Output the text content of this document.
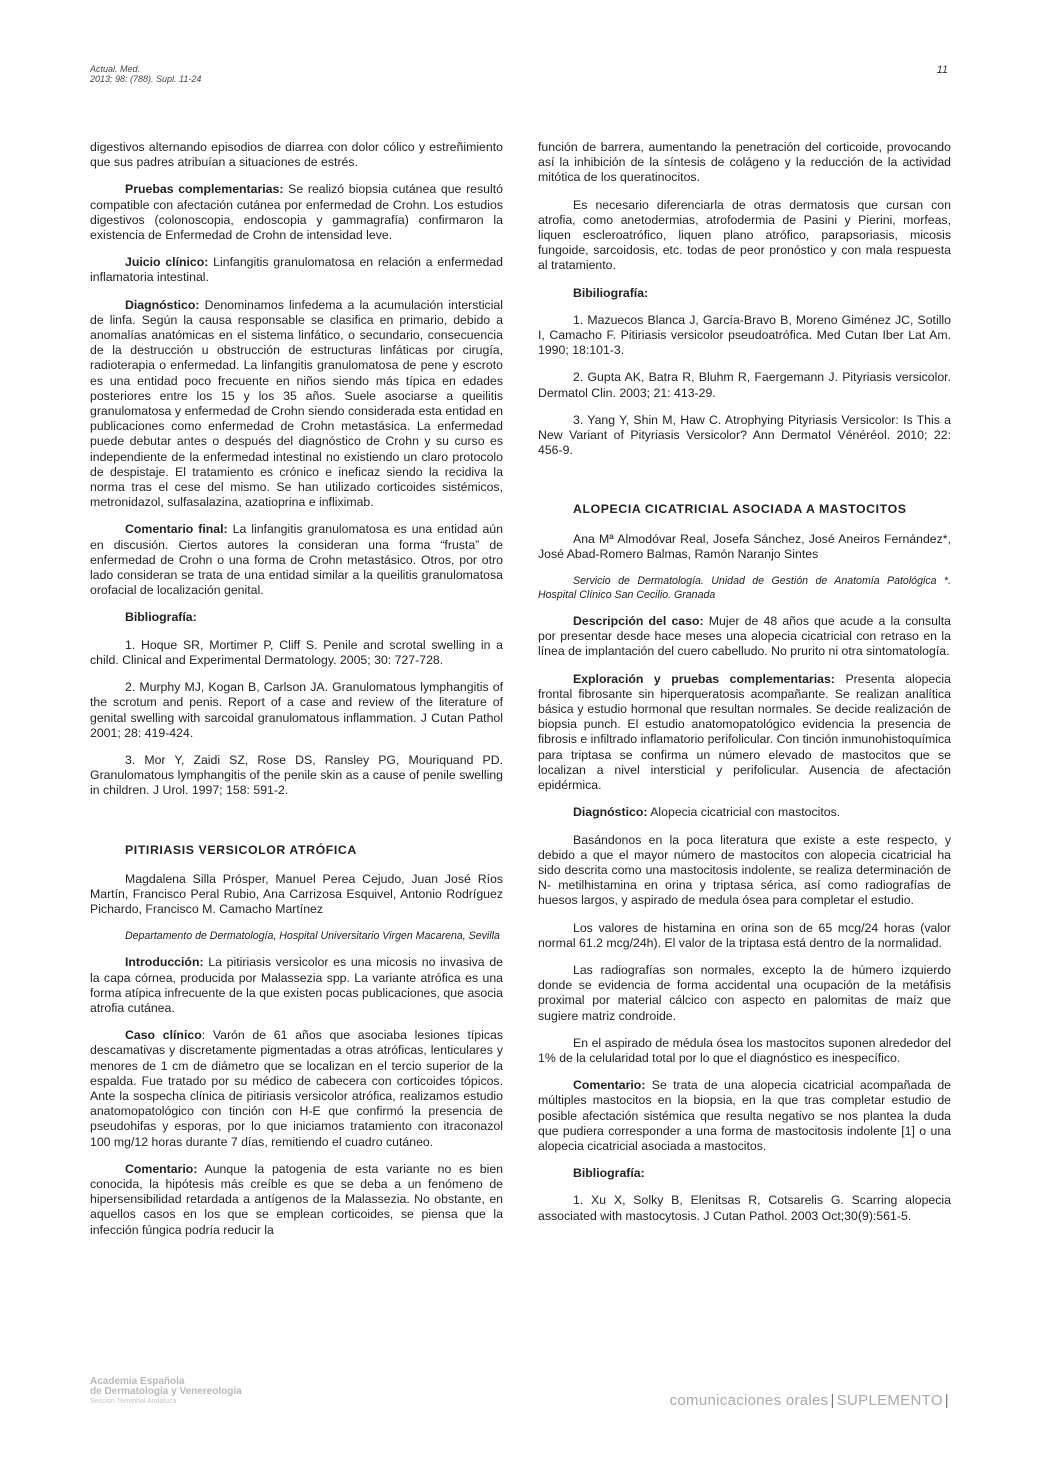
Actual. Med.
2013; 98: (788). Supl. 11-24
11

digestivos alternando episodios de diarrea con dolor cólico y estreñimiento que sus padres atribuían a situaciones de estrés.

Pruebas complementarias: Se realizó biopsia cutánea que resultó compatible con afectación cutánea por enfermedad de Crohn. Los estudios digestivos (colonoscopia, endoscopia y gammagrafía) confirmaron la existencia de Enfermedad de Crohn de intensidad leve.

Juicio clínico: Linfangitis granulomatosa en relación a enfermedad inflamatoria intestinal.

Diagnóstico: Denominamos linfedema a la acumulación intersticial de linfa. Según la causa responsable se clasifica en primario, debido a anomalías anatómicas en el sistema linfático, o secundario, consecuencia de la destrucción u obstrucción de estructuras linfáticas por cirugía, radioterapia o enfermedad. La linfangitis granulomatosa de pene y escroto es una entidad poco frecuente en niños siendo más típica en edades posteriores entre los 15 y los 35 años. Suele asociarse a queilitis granulomatosa y enfermedad de Crohn siendo considerada esta entidad en publicaciones como enfermedad de Crohn metastásica. La enfermedad puede debutar antes o después del diagnóstico de Crohn y su curso es independiente de la enfermedad intestinal no existiendo un claro protocolo de despistaje. El tratamiento es crónico e ineficaz siendo la recidiva la norma tras el cese del mismo. Se han utilizado corticoides sistémicos, metronidazol, sulfasalazina, azatioprina e infliximab.

Comentario final: La linfangitis granulomatosa es una entidad aún en discusión. Ciertos autores la consideran una forma “frusta” de enfermedad de Crohn o una forma de Crohn metastásico. Otros, por otro lado consideran se trata de una entidad similar a la queilitis granulomatosa orofacial de localización genital.

Bibliografía:

1. Hoque SR, Mortimer P, Cliff S. Penile and scrotal swelling in a child. Clinical and Experimental Dermatology. 2005; 30: 727-728.

2. Murphy MJ, Kogan B, Carlson JA. Granulomatous lymphangitis of the scrotum and penis. Report of a case and review of the literature of genital swelling with sarcoidal granulomatous inflammation. J Cutan Pathol 2001; 28: 419-424.

3. Mor Y, Zaidi SZ, Rose DS, Ransley PG, Mouriquand PD. Granulomatous lymphangitis of the penile skin as a cause of penile swelling in children. J Urol. 1997; 158: 591-2.

PITIRIASIS VERSICOLOR ATRÓFICA

Magdalena Silla Prósper, Manuel Perea Cejudo, Juan José Ríos Martín, Francisco Peral Rubio, Ana Carrizosa Esquivel, Antonio Rodríguez Pichardo, Francisco M. Camacho Martínez

Departamento de Dermatología, Hospital Universitario Virgen Macarena, Sevilla

Introducción: La pitiriasis versicolor es una micosis no invasiva de la capa córnea, producida por Malassezia spp. La variante atrófica es una forma atípica infrecuente de la que existen pocas publicaciones, que asocia atrofia cutánea.

Caso clínico: Varón de 61 años que asociaba lesiones típicas descamativas y discretamente pigmentadas a otras atróficas, lenticulares y menores de 1 cm de diámetro que se localizan en el tercio superior de la espalda. Fue tratado por su médico de cabecera con corticoides tópicos. Ante la sospecha clínica de pitiriasis versicolor atrófica, realizamos estudio anatomopatológico con tinción con H-E que confirmó la presencia de pseudohifas y esporas, por lo que iniciamos tratamiento con itraconazol 100 mg/12 horas durante 7 días, remitiendo el cuadro cutáneo.

Comentario: Aunque la patogenia de esta variante no es bien conocida, la hipótesis más creíble es que se deba a un fenómeno de hipersensibilidad retardada a antígenos de la Malassezia. No obstante, en aquellos casos en los que se emplean corticoides, se piensa que la infección fúngica podría reducir la

función de barrera, aumentando la penetración del corticoide, provocando así la inhibición de la síntesis de colágeno y la reducción de la actividad mitótica de los queratinocitos.

Es necesario diferenciarla de otras dermatosis que cursan con atrofia, como anetodermias, atrofodermia de Pasini y Pierini, morfeas, liquen escleroatrófico, liquen plano atrófico, parapsoriasis, micosis fungoide, sarcoidosis, etc. todas de peor pronóstico y con mala respuesta al tratamiento.

Bibiliografía:

1. Mazuecos Blanca J, García-Bravo B, Moreno Giménez JC, Sotillo I, Camacho F. Pitiriasis versicolor pseudoatrófica. Med Cutan Iber Lat Am. 1990; 18:101-3.

2. Gupta AK, Batra R, Bluhm R, Faergemann J. Pityriasis versicolor. Dermatol Clin. 2003; 21: 413-29.

3. Yang Y, Shin M, Haw C. Atrophying Pityriasis Versicolor: Is This a New Variant of Pityriasis Versicolor? Ann Dermatol Vénéréol. 2010; 22: 456-9.

ALOPECIA CICATRICIAL ASOCIADA A MASTOCITOS

Ana Mª Almodóvar Real, Josefa Sánchez, José Aneiros Fernández*, José Abad-Romero Balmas, Ramón Naranjo Sintes

Servicio de Dermatología. Unidad de Gestión de Anatomía Patológica *. Hospital Clínico San Cecilio. Granada

Descripción del caso: Mujer de 48 años que acude a la consulta por presentar desde hace meses una alopecia cicatricial con retraso en la línea de implantación del cuero cabelludo. No prurito ni otra sintomatología.

Exploración y pruebas complementarias: Presenta alopecia frontal fibrosante sin hiperqueratosis acompañante. Se realizan analítica básica y estudio hormonal que resultan normales. Se decide realización de biopsia punch. El estudio anatomopatológico evidencia la presencia de fibrosis e infiltrado inflamatorio perifolicular. Con tinción inmunohistoquímica para triptasa se confirma un número elevado de mastocitos que se localizan a nivel intersticial y perifolicular. Ausencia de afectación epidérmica.

Diagnóstico: Alopecia cicatricial con mastocitos.

Basándonos en la poca literatura que existe a este respecto, y debido a que el mayor número de mastocitos con alopecia cicatricial ha sido descrita como una mastocitosis indolente, se realiza determinación de N- metilhistamina en orina y triptasa sérica, así como radiografías de huesos largos, y aspirado de medula ósea para completar el estudio.

Los valores de histamina en orina son de 65 mcg/24 horas (valor normal 61.2 mcg/24h). El valor de la triptasa está dentro de la normalidad.

Las radiografías son normales, excepto la de húmero izquierdo donde se evidencia de forma accidental una ocupación de la metáfisis proximal por material cálcico con aspecto en palomitas de maíz que sugiere matriz condroide.

En el aspirado de médula ósea los mastocitos suponen alrededor del 1% de la celularidad total por lo que el diagnóstico es inespecífico.

Comentario: Se trata de una alopecia cicatricial acompañada de múltiples mastocitos en la biopsia, en la que tras completar estudio de posible afectación sistémica que resulta negativo se nos plantea la duda que pudiera corresponder a una forma de mastocitosis indolente [1] o una alopecia cicatricial asociada a mastocitos.

Bibliografía:

1. Xu X, Solky B, Elenitsas R, Cotsarelis G. Scarring alopecia associated with mastocytosis. J Cutan Pathol. 2003 Oct;30(9):561-5.

Academia Española
de Dermatología y Venereología
Sección Territorial Andaluza	comunicaciones orales | SUPLEMENTO |
